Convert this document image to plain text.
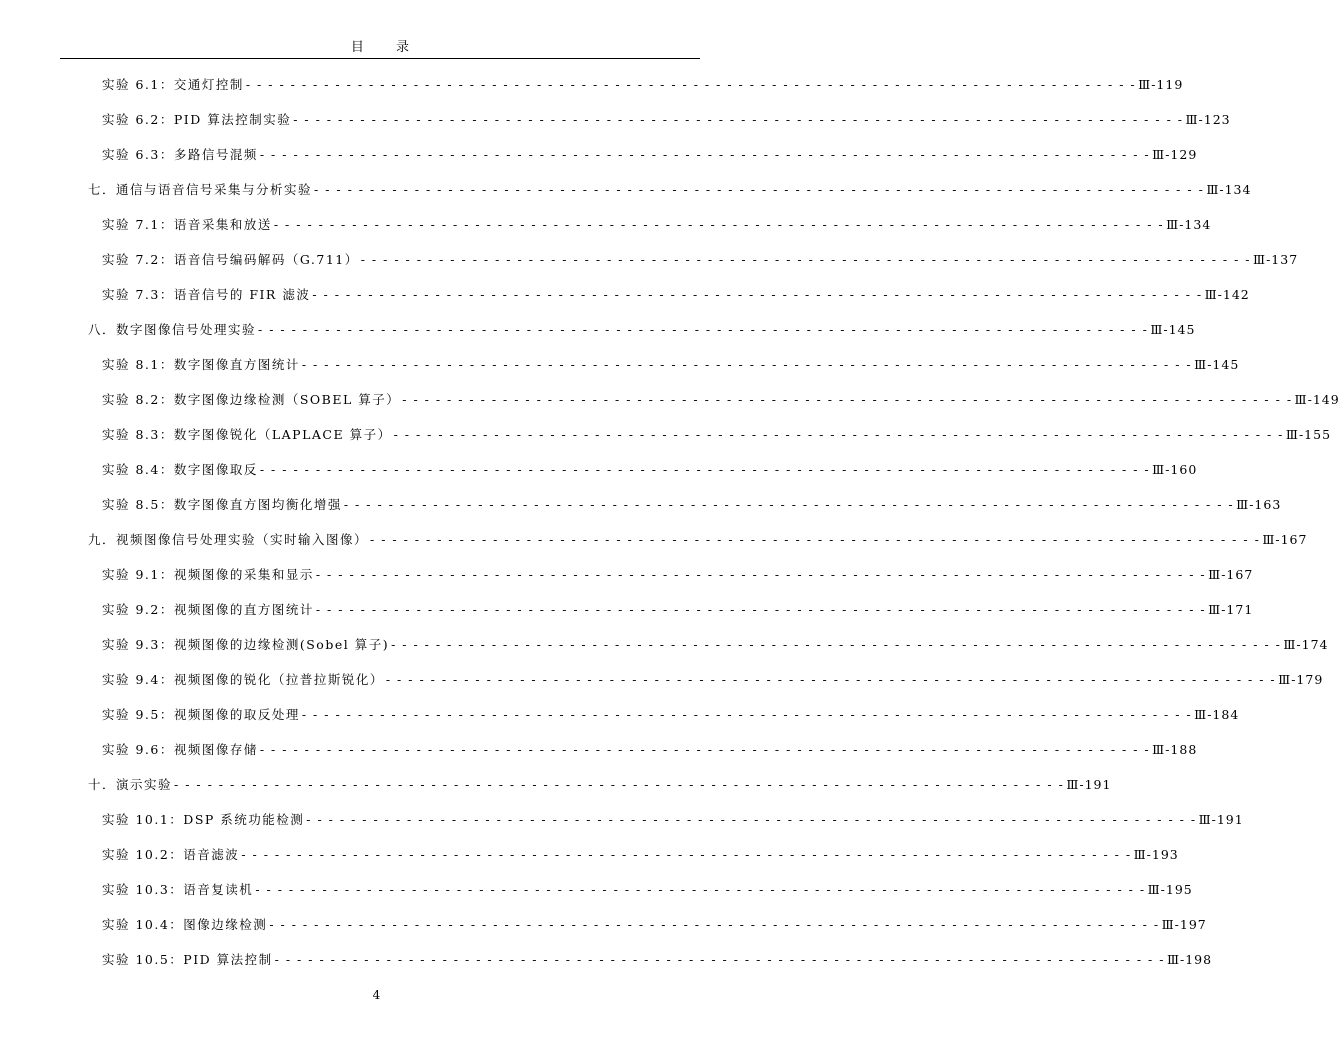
目 录
实验 6.1：交通灯控制 - - - - - - - - - - - - - - - - - - - - - - - - - - - - - - - - - - - - - - - - - - - - - - - - - - - - - - - - - - - - - - - - - - - - - - - - - - - - - - - - Ⅲ-119
实验 6.2：PID 算法控制实验 - - - - - - - - - - - - - - - - - - - - - - - - - - - - - - - - - - - - - - - - - - - - - - - - - - - - - - - - - - - - - - - - - - - - - - - - - - - - - - - - Ⅲ-123
实验 6.3：多路信号混频 - - - - - - - - - - - - - - - - - - - - - - - - - - - - - - - - - - - - - - - - - - - - - - - - - - - - - - - - - - - - - - - - - - - - - - - - - - - - - - - - Ⅲ-129
七．通信与语音信号采集与分析实验 - - - - - - - - - - - - - - - - - - - - - - - - - - - - - - - - - - - - - - - - - - - - - - - - - - - - - - - - - - - - - - - - - - - - - - - - - - - - - - - - Ⅲ-134
实验 7.1：语音采集和放送 - - - - - - - - - - - - - - - - - - - - - - - - - - - - - - - - - - - - - - - - - - - - - - - - - - - - - - - - - - - - - - - - - - - - - - - - - - - - - - - - Ⅲ-134
实验 7.2：语音信号编码解码（G.711） - - - - - - - - - - - - - - - - - - - - - - - - - - - - - - - - - - - - - - - - - - - - - - - - - - - - - - - - - - - - - - - - - - - - - - - - - - - - - - - - Ⅲ-137
实验 7.3：语音信号的 FIR 滤波 - - - - - - - - - - - - - - - - - - - - - - - - - - - - - - - - - - - - - - - - - - - - - - - - - - - - - - - - - - - - - - - - - - - - - - - - - - - - - - - - Ⅲ-142
八．数字图像信号处理实验 - - - - - - - - - - - - - - - - - - - - - - - - - - - - - - - - - - - - - - - - - - - - - - - - - - - - - - - - - - - - - - - - - - - - - - - - - - - - - - - - Ⅲ-145
实验 8.1：数字图像直方图统计 - - - - - - - - - - - - - - - - - - - - - - - - - - - - - - - - - - - - - - - - - - - - - - - - - - - - - - - - - - - - - - - - - - - - - - - - - - - - - - - - Ⅲ-145
实验 8.2：数字图像边缘检测（SOBEL 算子） - - - - - - - - - - - - - - - - - - - - - - - - - - - - - - - - - - - - - - - - - - - - - - - - - - - - - - - - - - - - - - - - - - - - - - - - - - - - - - - - Ⅲ-149
实验 8.3：数字图像锐化（LAPLACE 算子） - - - - - - - - - - - - - - - - - - - - - - - - - - - - - - - - - - - - - - - - - - - - - - - - - - - - - - - - - - - - - - - - - - - - - - - - - - - - - - - - Ⅲ-155
实验 8.4：数字图像取反 - - - - - - - - - - - - - - - - - - - - - - - - - - - - - - - - - - - - - - - - - - - - - - - - - - - - - - - - - - - - - - - - - - - - - - - - - - - - - - - - Ⅲ-160
实验 8.5：数字图像直方图均衡化增强 - - - - - - - - - - - - - - - - - - - - - - - - - - - - - - - - - - - - - - - - - - - - - - - - - - - - - - - - - - - - - - - - - - - - - - - - - - - - - - - - Ⅲ-163
九．视频图像信号处理实验（实时输入图像） - - - - - - - - - - - - - - - - - - - - - - - - - - - - - - - - - - - - - - - - - - - - - - - - - - - - - - - - - - - - - - - - - - - - - - - - - - - - - - - - Ⅲ-167
实验 9.1：视频图像的采集和显示 - - - - - - - - - - - - - - - - - - - - - - - - - - - - - - - - - - - - - - - - - - - - - - - - - - - - - - - - - - - - - - - - - - - - - - - - - - - - - - - - Ⅲ-167
实验 9.2：视频图像的直方图统计 - - - - - - - - - - - - - - - - - - - - - - - - - - - - - - - - - - - - - - - - - - - - - - - - - - - - - - - - - - - - - - - - - - - - - - - - - - - - - - - - Ⅲ-171
实验 9.3：视频图像的边缘检测(Sobel 算子) - - - - - - - - - - - - - - - - - - - - - - - - - - - - - - - - - - - - - - - - - - - - - - - - - - - - - - - - - - - - - - - - - - - - - - - - - - - - - - - - Ⅲ-174
实验 9.4：视频图像的锐化（拉普拉斯锐化） - - - - - - - - - - - - - - - - - - - - - - - - - - - - - - - - - - - - - - - - - - - - - - - - - - - - - - - - - - - - - - - - - - - - - - - - - - - - - - - - Ⅲ-179
实验 9.5：视频图像的取反处理 - - - - - - - - - - - - - - - - - - - - - - - - - - - - - - - - - - - - - - - - - - - - - - - - - - - - - - - - - - - - - - - - - - - - - - - - - - - - - - - - Ⅲ-184
实验 9.6：视频图像存储 - - - - - - - - - - - - - - - - - - - - - - - - - - - - - - - - - - - - - - - - - - - - - - - - - - - - - - - - - - - - - - - - - - - - - - - - - - - - - - - - Ⅲ-188
十．演示实验 - - - - - - - - - - - - - - - - - - - - - - - - - - - - - - - - - - - - - - - - - - - - - - - - - - - - - - - - - - - - - - - - - - - - - - - - - - - - - - - - Ⅲ-191
实验 10.1：DSP 系统功能检测 - - - - - - - - - - - - - - - - - - - - - - - - - - - - - - - - - - - - - - - - - - - - - - - - - - - - - - - - - - - - - - - - - - - - - - - - - - - - - - - - Ⅲ-191
实验 10.2：语音滤波 - - - - - - - - - - - - - - - - - - - - - - - - - - - - - - - - - - - - - - - - - - - - - - - - - - - - - - - - - - - - - - - - - - - - - - - - - - - - - - - - Ⅲ-193
实验 10.3：语音复读机 - - - - - - - - - - - - - - - - - - - - - - - - - - - - - - - - - - - - - - - - - - - - - - - - - - - - - - - - - - - - - - - - - - - - - - - - - - - - - - - - Ⅲ-195
实验 10.4：图像边缘检测 - - - - - - - - - - - - - - - - - - - - - - - - - - - - - - - - - - - - - - - - - - - - - - - - - - - - - - - - - - - - - - - - - - - - - - - - - - - - - - - - Ⅲ-197
实验 10.5：PID 算法控制 - - - - - - - - - - - - - - - - - - - - - - - - - - - - - - - - - - - - - - - - - - - - - - - - - - - - - - - - - - - - - - - - - - - - - - - - - - - - - - - - Ⅲ-198
4
